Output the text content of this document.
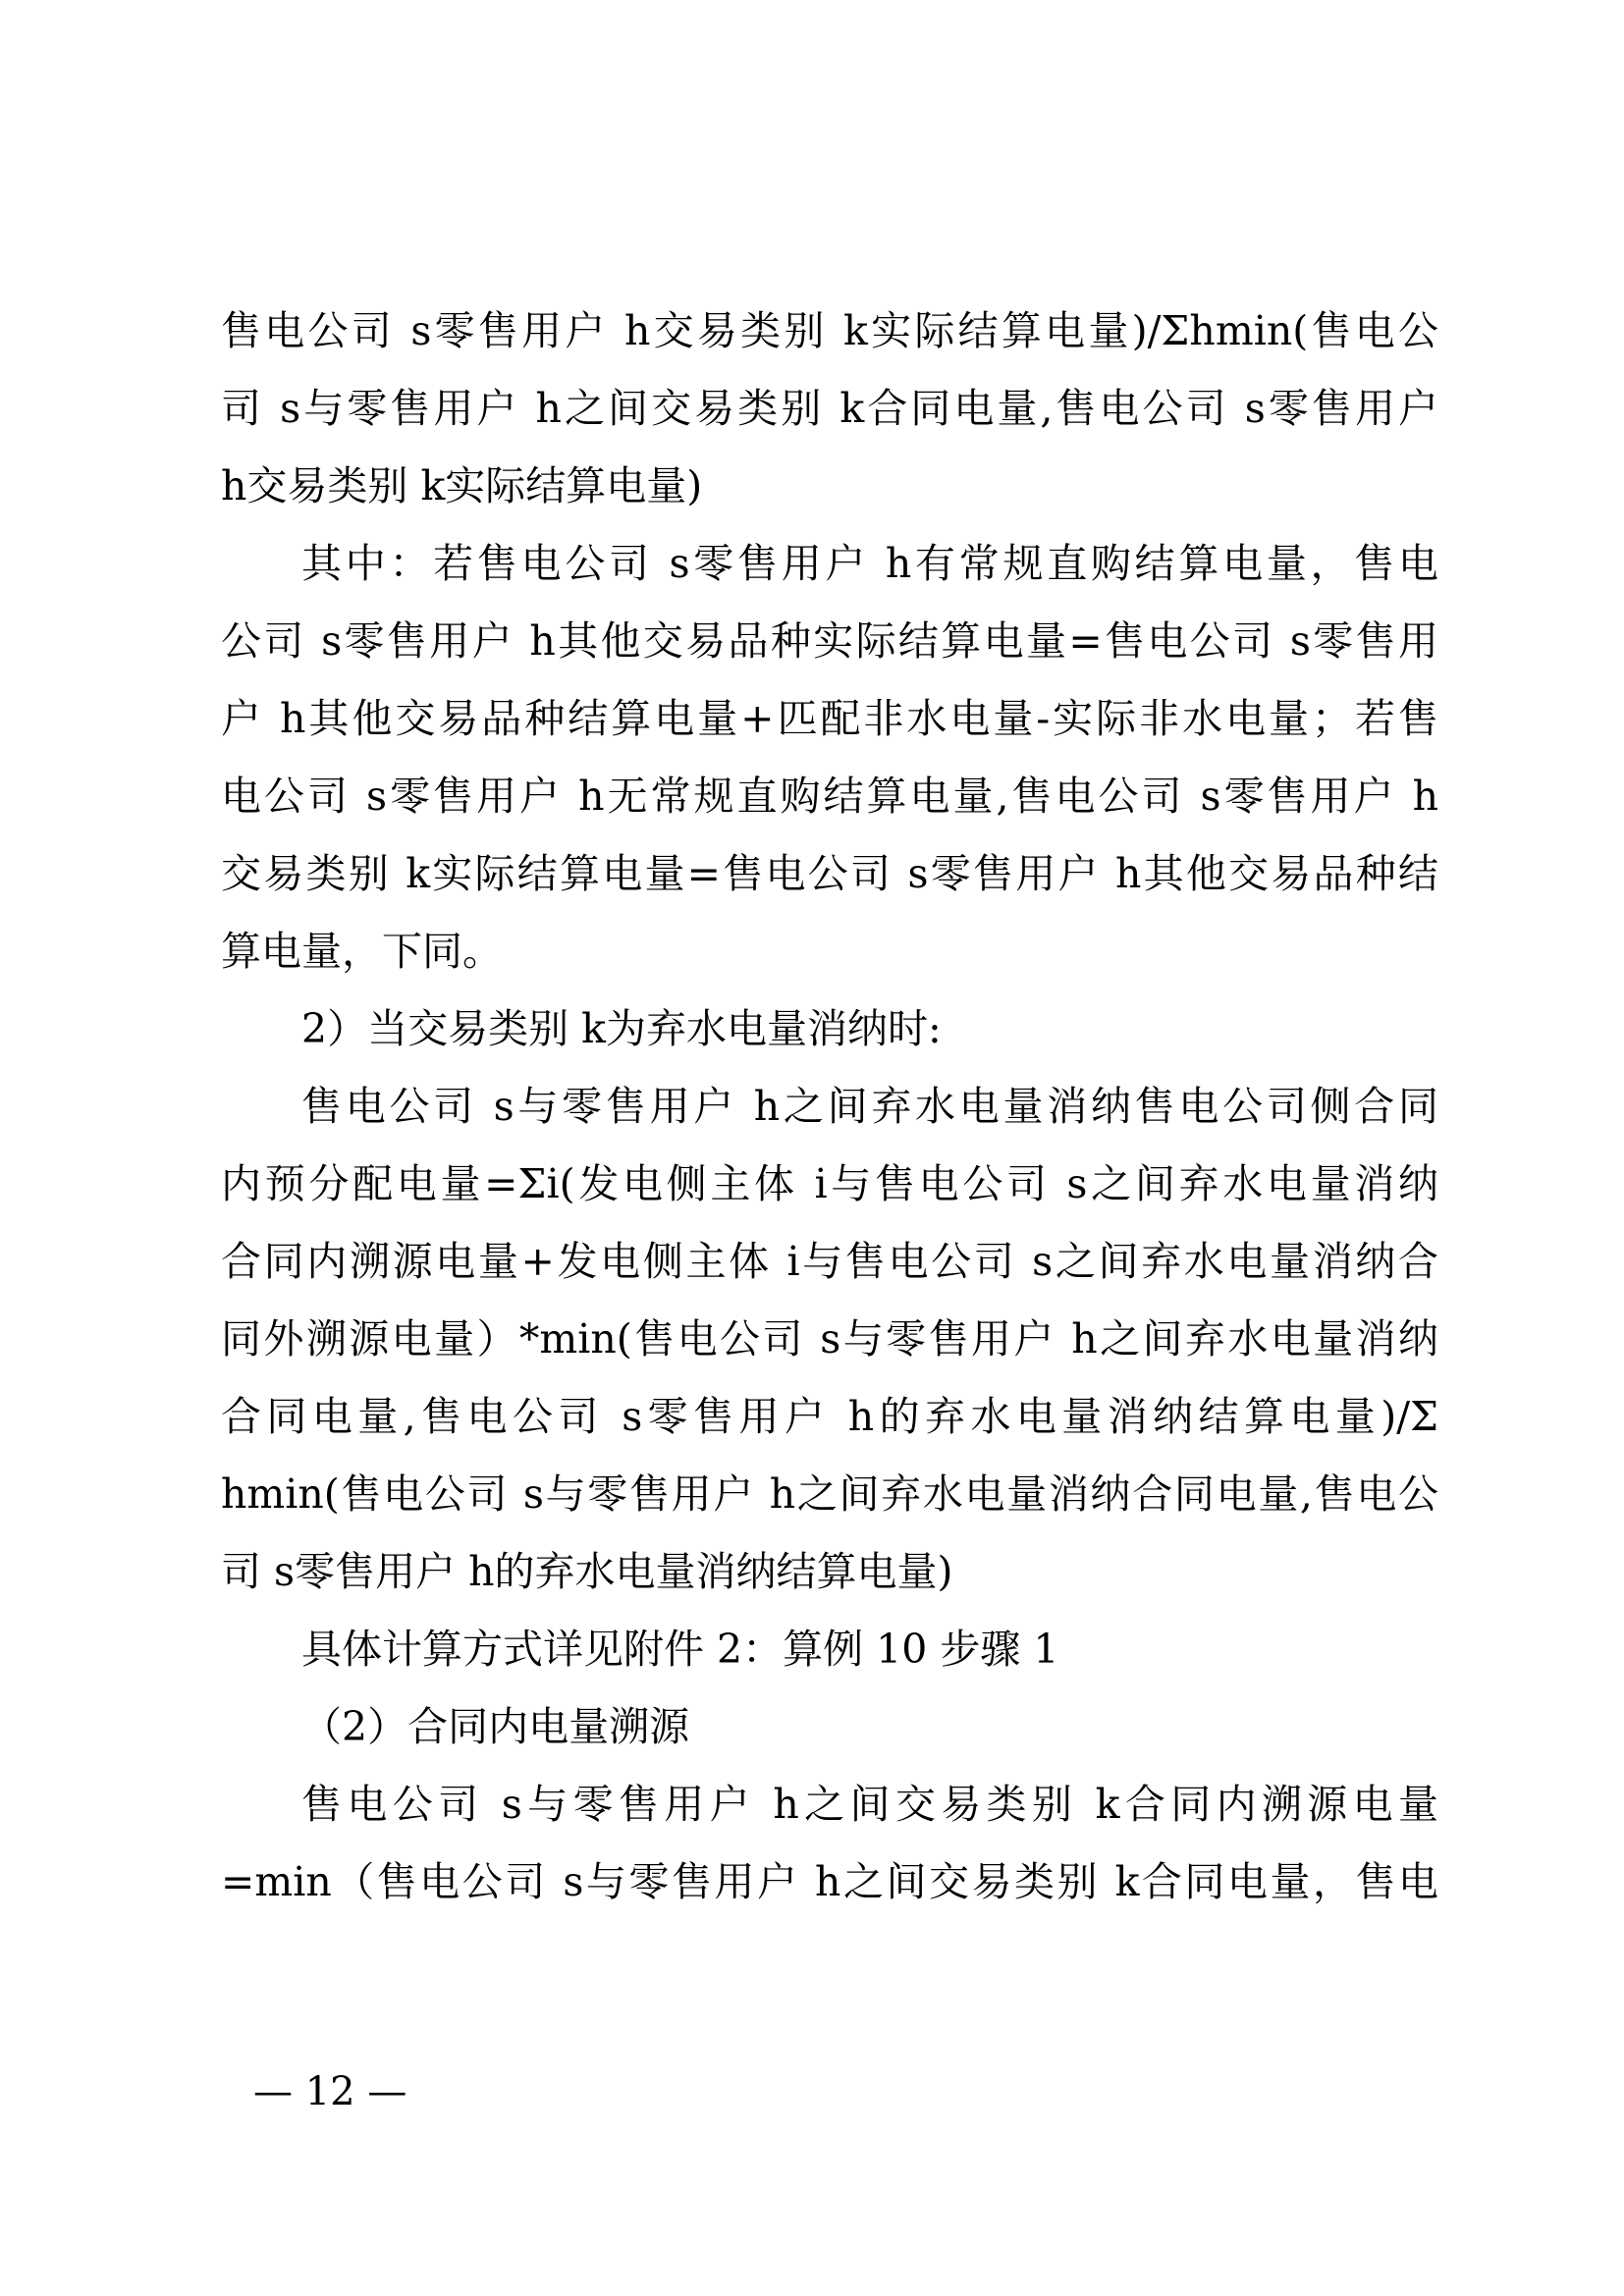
售电公司 s零售用户 h交易类别 k实际结算电量)/Σhmin(售电公
司 s与零售用户 h之间交易类别 k合同电量,售电公司 s零售用户
h交易类别 k实际结算电量)
其中：若售电公司 s零售用户 h有常规直购结算电量，售电
公司 s零售用户 h其他交易品种实际结算电量=售电公司 s零售用
户 h其他交易品种结算电量+匹配非水电量-实际非水电量；若售
电公司 s零售用户 h无常规直购结算电量,售电公司 s零售用户 h
交易类别 k实际结算电量=售电公司 s零售用户 h其他交易品种结
算电量，下同。
2）当交易类别 k为弃水电量消纳时:
售电公司 s与零售用户 h之间弃水电量消纳售电公司侧合同
内预分配电量=Σi(发电侧主体 i与售电公司 s之间弃水电量消纳
合同内溯源电量+发电侧主体 i与售电公司 s之间弃水电量消纳合
同外溯源电量）*min(售电公司 s与零售用户 h之间弃水电量消纳
合同电量,售电公司 s零售用户 h的弃水电量消纳结算电量)/Σ
hmin(售电公司 s与零售用户 h之间弃水电量消纳合同电量,售电公
司 s零售用户 h的弃水电量消纳结算电量)
具体计算方式详见附件 2：算例 10 步骤 1
（2）合同内电量溯源
售电公司 s与零售用户 h之间交易类别 k合同内溯源电量
=min（售电公司 s与零售用户 h之间交易类别 k合同电量，售电
— 12 —
